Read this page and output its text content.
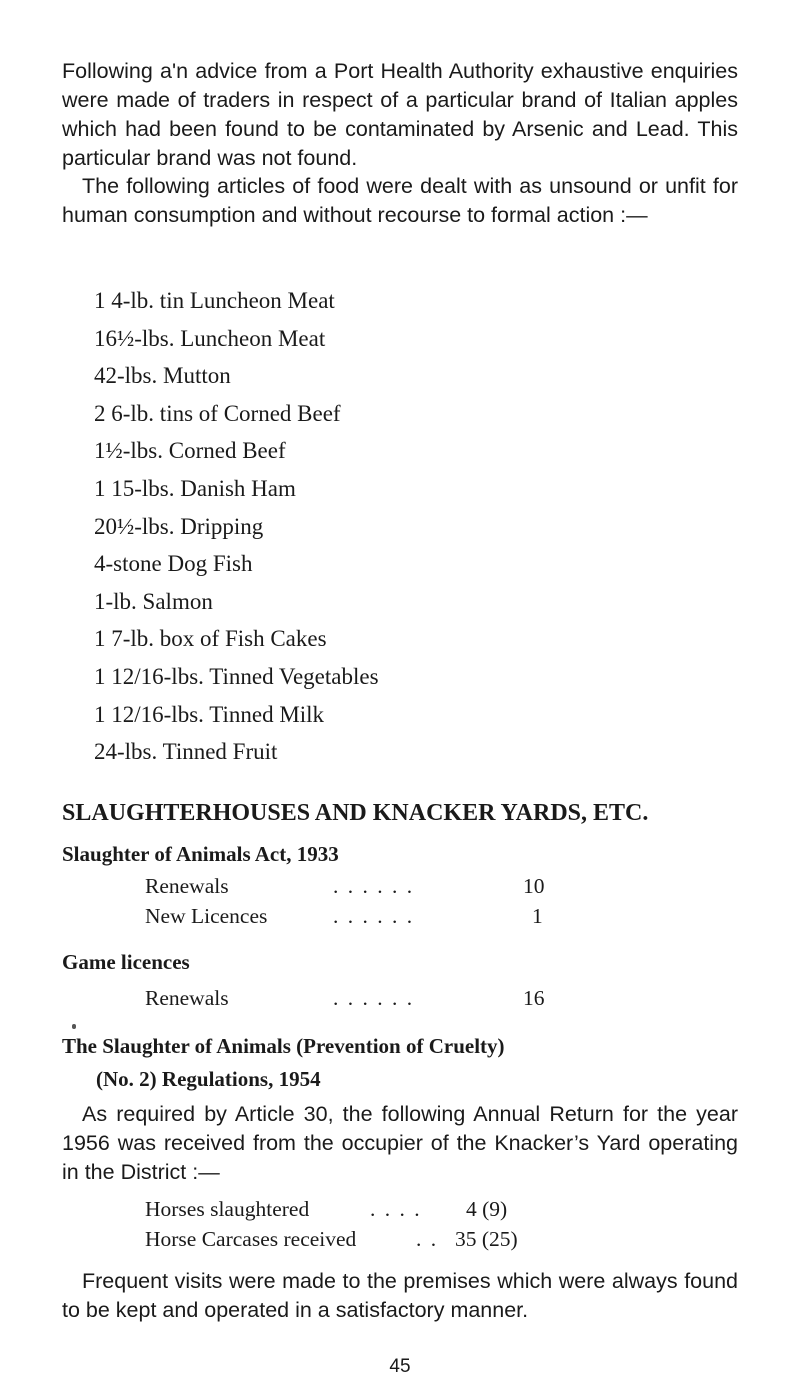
Following a'n advice from a Port Health Authority exhaustive enquiries were made of traders in respect of a particular brand of Italian apples which had been found to be contaminated by Arsenic and Lead. This particular brand was not found.

The following articles of food were dealt with as unsound or unfit for human consumption and without recourse to formal action :—

1 4-lb. tin Luncheon Meat
16½-lbs. Luncheon Meat
42-lbs. Mutton
2 6-lb. tins of Corned Beef
1½-lbs. Corned Beef
1 15-lbs. Danish Ham
20½-lbs. Dripping
4-stone Dog Fish
1-lb. Salmon
1 7-lb. box of Fish Cakes
1 12/16-lbs. Tinned Vegetables
1 12/16-lbs. Tinned Milk
24-lbs. Tinned Fruit
SLAUGHTERHOUSES AND KNACKER YARDS, ETC.
Slaughter of Animals Act, 1933
Renewals	. . . . . .	10
New Licences	. . . . . .	1
Game licences
Renewals	. . . . . .	16
The Slaughter of Animals (Prevention of Cruelty)
(No. 2) Regulations, 1954

As required by Article 30, the following Annual Return for the year 1956 was received from the occupier of the Knacker’s Yard operating in the District :—

Horses slaughtered	. . . . 4 (9)
Horse Carcases received	. . 35 (25)

Frequent visits were made to the premises which were always found to be kept and operated in a satisfactory manner.

45
